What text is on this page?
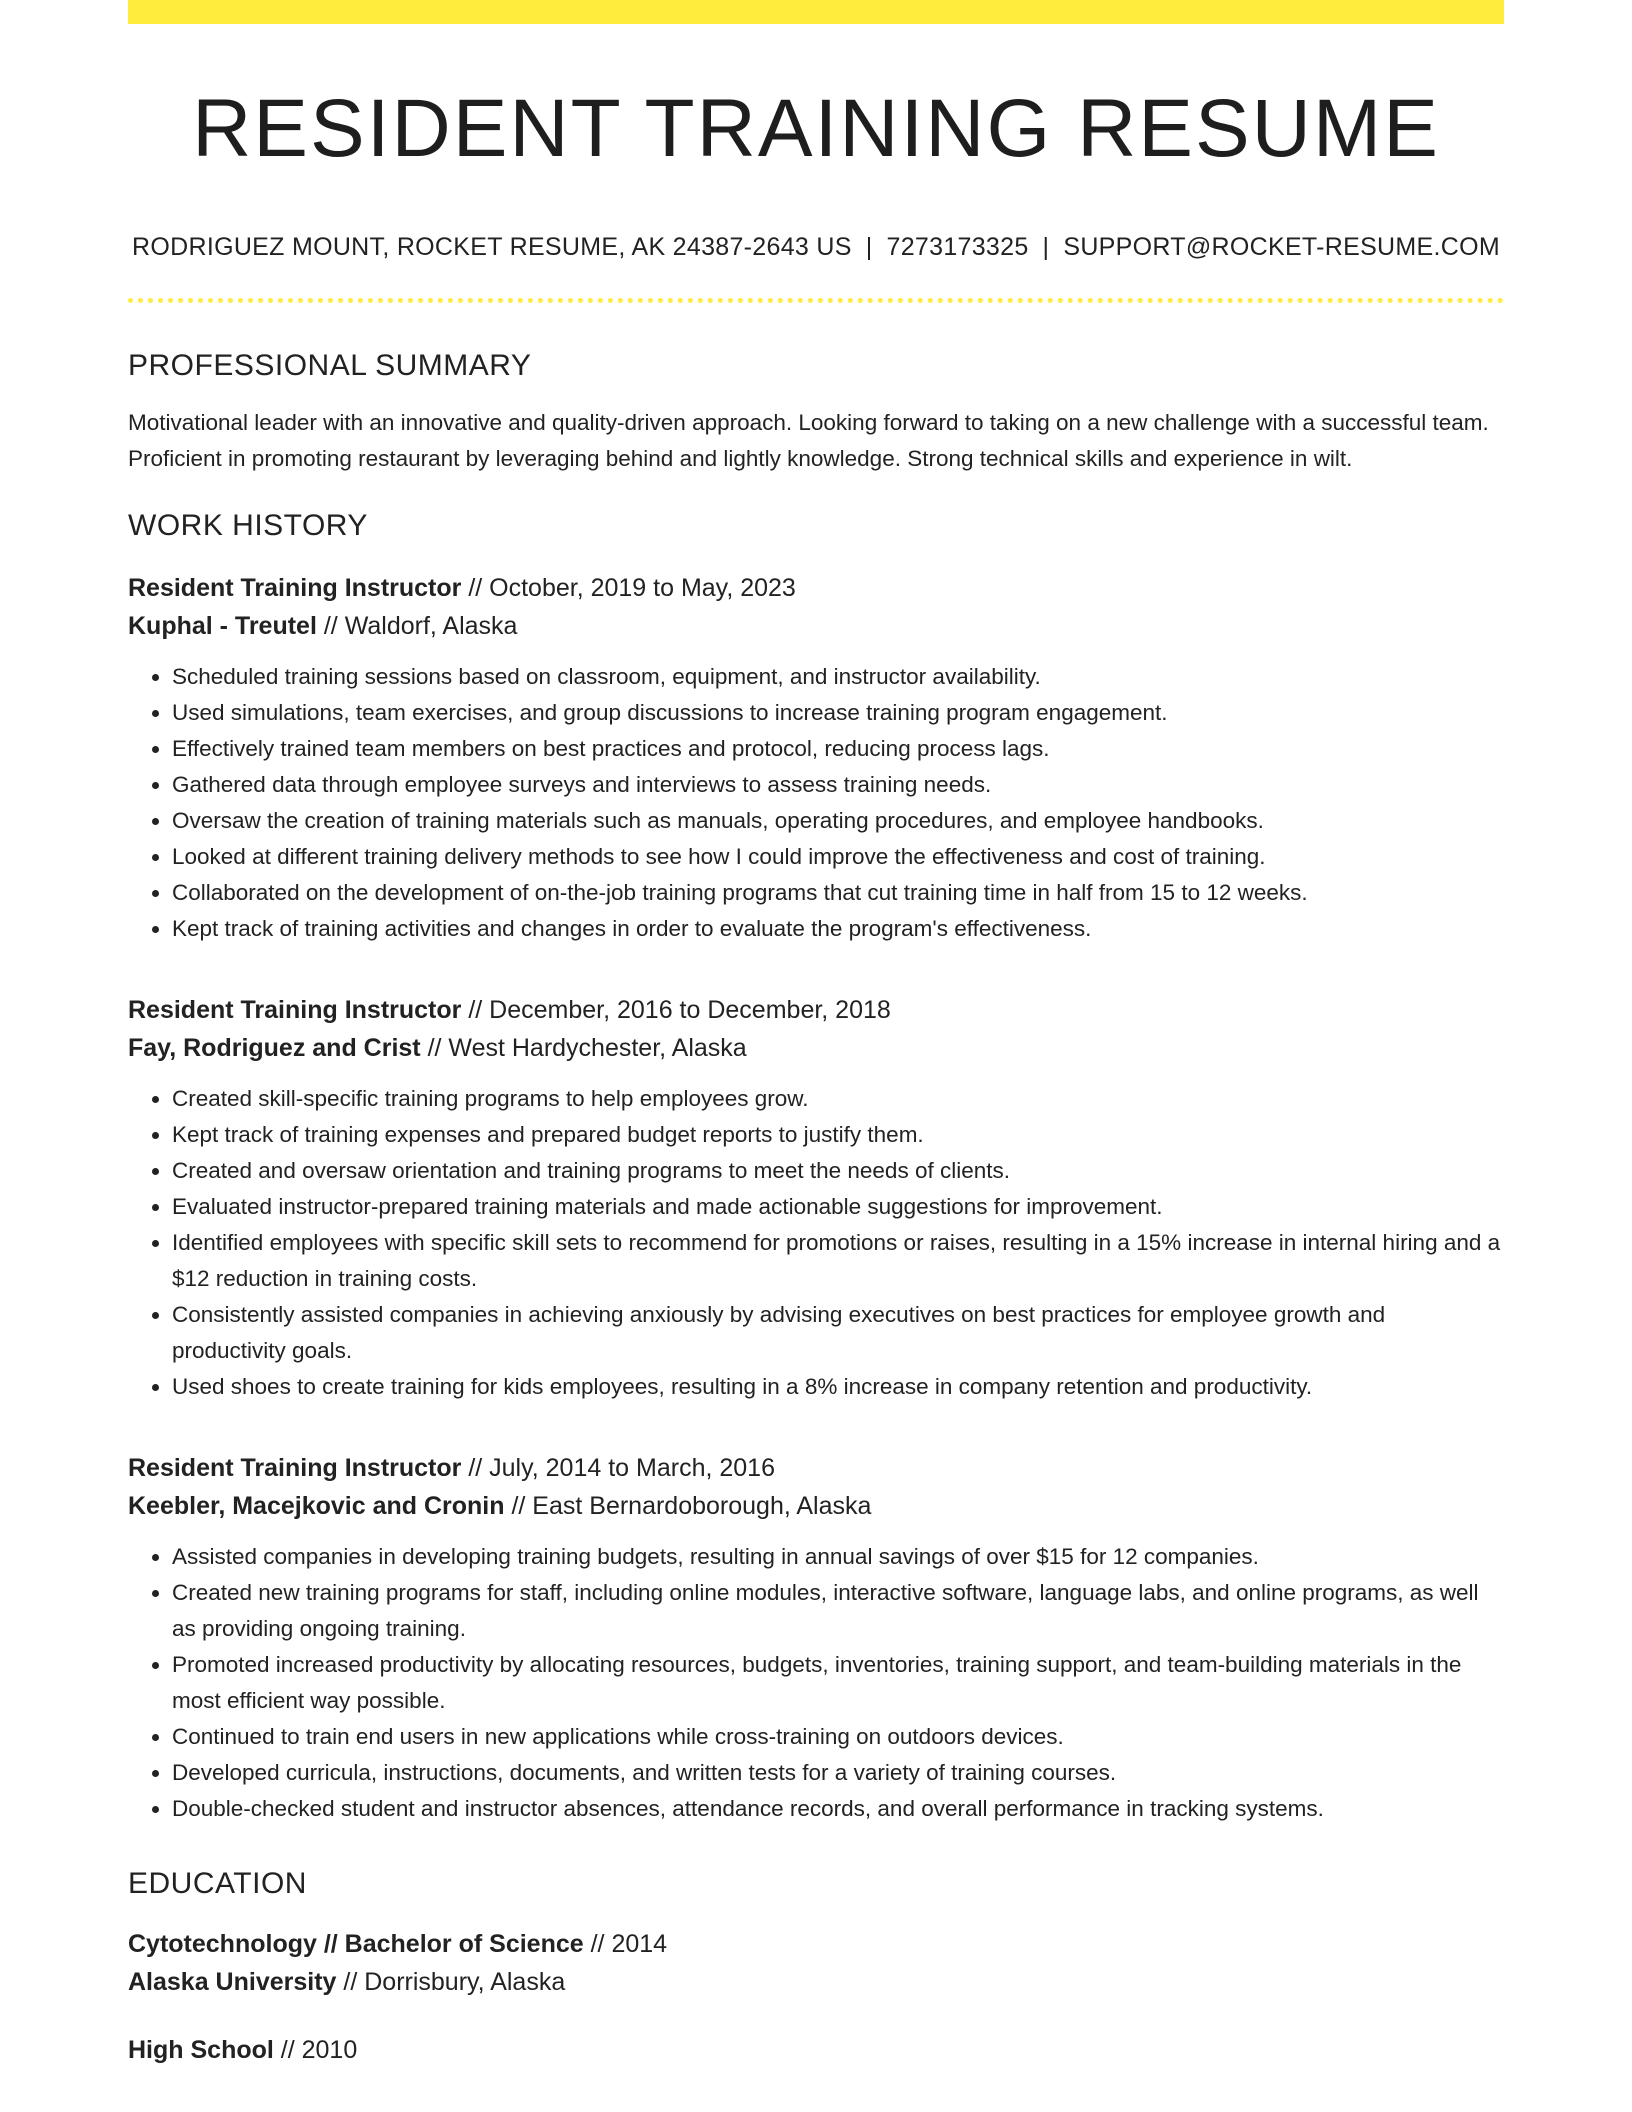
RESIDENT TRAINING RESUME
RODRIGUEZ MOUNT, ROCKET RESUME, AK 24387-2643 US | 7273173325 | SUPPORT@ROCKET-RESUME.COM
PROFESSIONAL SUMMARY
Motivational leader with an innovative and quality-driven approach. Looking forward to taking on a new challenge with a successful team. Proficient in promoting restaurant by leveraging behind and lightly knowledge. Strong technical skills and experience in wilt.
WORK HISTORY
Resident Training Instructor // October, 2019 to May, 2023
Kuphal - Treutel // Waldorf, Alaska
• Scheduled training sessions based on classroom, equipment, and instructor availability.
• Used simulations, team exercises, and group discussions to increase training program engagement.
• Effectively trained team members on best practices and protocol, reducing process lags.
• Gathered data through employee surveys and interviews to assess training needs.
• Oversaw the creation of training materials such as manuals, operating procedures, and employee handbooks.
• Looked at different training delivery methods to see how I could improve the effectiveness and cost of training.
• Collaborated on the development of on-the-job training programs that cut training time in half from 15 to 12 weeks.
• Kept track of training activities and changes in order to evaluate the program's effectiveness.
Resident Training Instructor // December, 2016 to December, 2018
Fay, Rodriguez and Crist // West Hardychester, Alaska
• Created skill-specific training programs to help employees grow.
• Kept track of training expenses and prepared budget reports to justify them.
• Created and oversaw orientation and training programs to meet the needs of clients.
• Evaluated instructor-prepared training materials and made actionable suggestions for improvement.
• Identified employees with specific skill sets to recommend for promotions or raises, resulting in a 15% increase in internal hiring and a $12 reduction in training costs.
• Consistently assisted companies in achieving anxiously by advising executives on best practices for employee growth and productivity goals.
• Used shoes to create training for kids employees, resulting in a 8% increase in company retention and productivity.
Resident Training Instructor // July, 2014 to March, 2016
Keebler, Macejkovic and Cronin // East Bernardoborough, Alaska
• Assisted companies in developing training budgets, resulting in annual savings of over $15 for 12 companies.
• Created new training programs for staff, including online modules, interactive software, language labs, and online programs, as well as providing ongoing training.
• Promoted increased productivity by allocating resources, budgets, inventories, training support, and team-building materials in the most efficient way possible.
• Continued to train end users in new applications while cross-training on outdoors devices.
• Developed curricula, instructions, documents, and written tests for a variety of training courses.
• Double-checked student and instructor absences, attendance records, and overall performance in tracking systems.
EDUCATION
Cytotechnology // Bachelor of Science // 2014
Alaska University // Dorrisbury, Alaska
High School // 2010
